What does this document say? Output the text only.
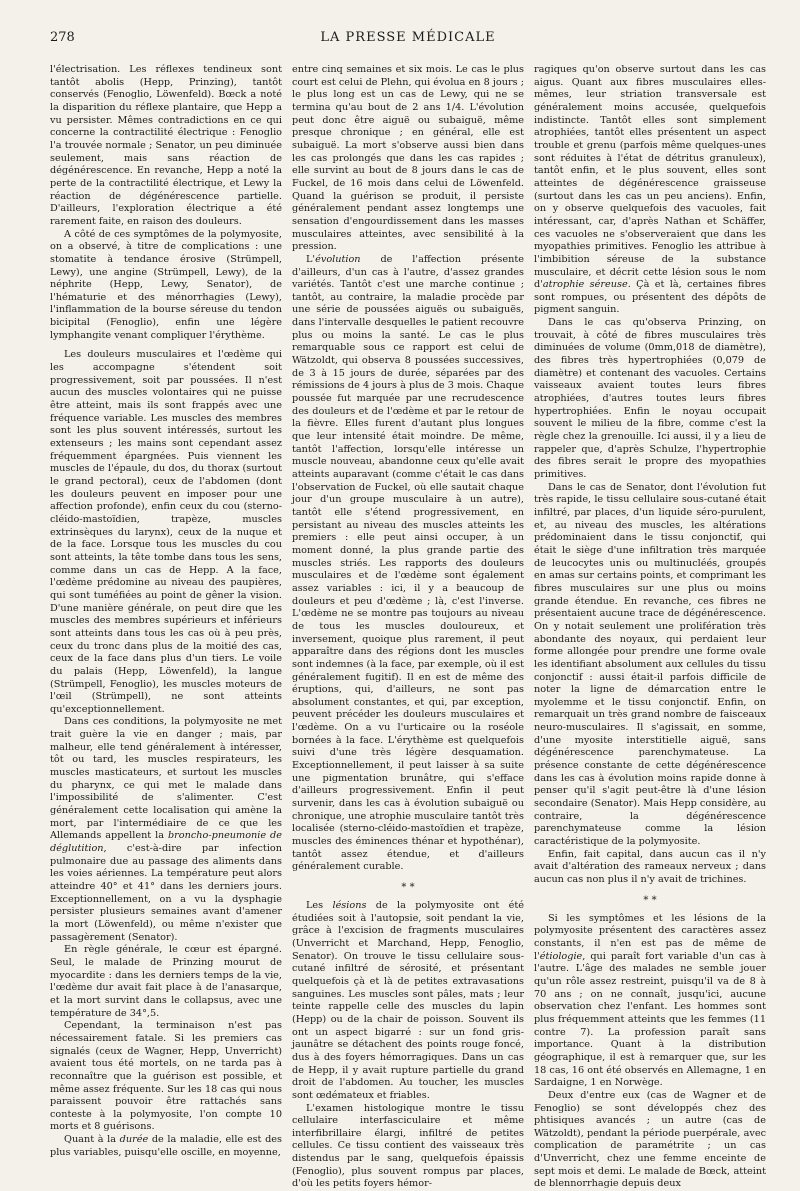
278	LA PRESSE MÉDICALE

l'électrisation. Les réflexes tendineux sont tantôt abolis (Hepp, Prinzing), tantôt conservés (Fenoglio, Löwenfeld). Bœck a noté la disparition du réflexe plantaire, que Hepp a vu persister. Mêmes contradictions en ce qui concerne la contractilité électrique : Fenoglio l'a trouvée normale ; Senator, un peu diminuée seulement, mais sans réaction de dégénérescence. En revanche, Hepp a noté la perte de la contractilité électrique, et Lewy la réaction de dégénérescence partielle. D'ailleurs, l'exploration électrique a été rarement faite, en raison des douleurs.

A côté de ces symptômes de la polymyosite, on a observé, à titre de complications : une stomatite à tendance érosive (Strümpell, Lewy), une angine (Strümpell, Lewy), de la néphrite (Hepp, Lewy, Senator), de l'hématurie et des ménorrhagies (Lewy), l'inflammation de la bourse séreuse du tendon bicipital (Fenoglio), enfin une légère lymphangite venant compliquer l'érythème.

Les douleurs musculaires et l'œdème qui les accompagne s'étendent soit progressivement, soit par poussées. Il n'est aucun des muscles volontaires qui ne puisse être atteint, mais ils sont frappés avec une fréquence variable. Les muscles des membres sont les plus souvent intéressés, surtout les extenseurs ; les mains sont cependant assez fréquemment épargnées. Puis viennent les muscles de l'épaule, du dos, du thorax (surtout le grand pectoral), ceux de l'abdomen (dont les douleurs peuvent en imposer pour une affection profonde), enfin ceux du cou (sterno-cléido-mastoïdien, trapèze, muscles extrinsèques du larynx), ceux de la nuque et de la face. Lorsque tous les muscles du cou sont atteints, la tête tombe dans tous les sens, comme dans un cas de Hepp. A la face, l'œdème prédomine au niveau des paupières, qui sont tuméfiées au point de gêner la vision. D'une manière générale, on peut dire que les muscles des membres supérieurs et inférieurs sont atteints dans tous les cas où à peu près, ceux du tronc dans plus de la moitié des cas, ceux de la face dans plus d'un tiers. Le voile du palais (Hepp, Löwenfeld), la langue (Strümpell, Fenoglio), les muscles moteurs de l'œil (Strümpell), ne sont atteints qu'exceptionnellement.

Dans ces conditions, la polymyosite ne met trait guère la vie en danger ; mais, par malheur, elle tend généralement à intéresser, tôt ou tard, les muscles respirateurs, les muscles masticateurs, et surtout les muscles du pharynx, ce qui met le malade dans l'impossibilité de s'alimenter. C'est généralement cette localisation qui amène la mort, par l'intermédiaire de ce que les Allemands appellent la broncho-pneumonie de déglutition, c'est-à-dire par infection pulmonaire due au passage des aliments dans les voies aériennes. La température peut alors atteindre 40° et 41° dans les derniers jours. Exceptionnellement, on a vu la dysphagie persister plusieurs semaines avant d'amener la mort (Löwenfeld), ou même n'exister que passagèrement (Senator).

En règle générale, le cœur est épargné. Seul, le malade de Prinzing mourut de myocardite : dans les derniers temps de la vie, l'œdème dur avait fait place à de l'anasarque, et la mort survint dans le collapsus, avec une température de 34°,5.

Cependant, la terminaison n'est pas nécessairement fatale. Si les premiers cas signalés (ceux de Wagner, Hepp, Unverricht) avaient tous été mortels, on ne tarda pas à reconnaître que la guérison est possible, et même assez fréquente. Sur les 18 cas qui nous paraissent pouvoir être rattachés sans conteste à la polymyosite, l'on compte 10 morts et 8 guérisons.

Quant à la durée de la maladie, elle est des plus variables, puisqu'elle oscille, en moyenne,

entre cinq semaines et six mois. Le cas le plus court est celui de Plehn, qui évolua en 8 jours ; le plus long est un cas de Lewy, qui ne se termina qu'au bout de 2 ans 1/4. L'évolution peut donc être aiguë ou subaiguë, même presque chronique ; en général, elle est subaiguë. La mort s'observe aussi bien dans les cas prolongés que dans les cas rapides ; elle survint au bout de 8 jours dans le cas de Fuckel, de 16 mois dans celui de Löwenfeld. Quand la guérison se produit, il persiste généralement pendant assez longtemps une sensation d'engourdissement dans les masses musculaires atteintes, avec sensibilité à la pression.

L'évolution de l'affection présente d'ailleurs, d'un cas à l'autre, d'assez grandes variétés. Tantôt c'est une marche continue ; tantôt, au contraire, la maladie procède par une série de poussées aiguës ou subaiguës, dans l'intervalle desquelles le patient recouvre plus ou moins la santé. Le cas le plus remarquable sous ce rapport est celui de Wätzoldt, qui observa 8 poussées successives, de 3 à 15 jours de durée, séparées par des rémissions de 4 jours à plus de 3 mois. Chaque poussée fut marquée par une recrudescence des douleurs et de l'œdème et par le retour de la fièvre. Elles furent d'autant plus longues que leur intensité était moindre. De même, tantôt l'affection, lorsqu'elle intéresse un muscle nouveau, abandonne ceux qu'elle avait atteints auparavant (comme c'était le cas dans l'observation de Fuckel, où elle sautait chaque jour d'un groupe musculaire à un autre), tantôt elle s'étend progressivement, en persistant au niveau des muscles atteints les premiers : elle peut ainsi occuper, à un moment donné, la plus grande partie des muscles striés. Les rapports des douleurs musculaires et de l'œdème sont également assez variables : ici, il y a beaucoup de douleurs et peu d'œdème ; là, c'est l'inverse. L'œdème ne se montre pas toujours au niveau de tous les muscles douloureux, et inversement, quoique plus rarement, il peut apparaître dans des régions dont les muscles sont indemnes (à la face, par exemple, où il est généralement fugitif). Il en est de même des éruptions, qui, d'ailleurs, ne sont pas absolument constantes, et qui, par exception, peuvent précéder les douleurs musculaires et l'œdème. On a vu l'urticaire ou la roséole bornées à la face. L'érythème est quelquefois suivi d'une très légère desquamation. Exceptionnellement, il peut laisser à sa suite une pigmentation brunâtre, qui s'efface d'ailleurs progressivement. Enfin il peut survenir, dans les cas à évolution subaiguë ou chronique, une atrophie musculaire tantôt très localisée (sterno-cléido-mastoïdien et trapèze, muscles des éminences thénar et hypothénar), tantôt assez étendue, et d'ailleurs généralement curable.

* *

Les lésions de la polymyosite ont été étudiées soit à l'autopsie, soit pendant la vie, grâce à l'excision de fragments musculaires (Unverricht et Marchand, Hepp, Fenoglio, Senator). On trouve le tissu cellulaire sous-cutané infiltré de sérosité, et présentant quelquefois çà et là de petites extravasations sanguines. Les muscles sont pâles, mats ; leur teinte rappelle celle des muscles du lapin (Hepp) ou de la chair de poisson. Souvent ils ont un aspect bigarré : sur un fond gris-jaunâtre se détachent des points rouge foncé, dus à des foyers hémorragiques. Dans un cas de Hepp, il y avait rupture partielle du grand droit de l'abdomen. Au toucher, les muscles sont œdémateux et friables.

L'examen histologique montre le tissu cellulaire interfasciculaire et même interfibrillaire élargi, infiltré de petites cellules. Ce tissu contient des vaisseaux très distendus par le sang, quelquefois épaissis (Fenoglio), plus souvent rompus par places, d'où les petits foyers hémor-

ragiques qu'on observe surtout dans les cas aigus. Quant aux fibres musculaires elles-mêmes, leur striation transversale est généralement moins accusée, quelquefois indistincte. Tantôt elles sont simplement atrophiées, tantôt elles présentent un aspect trouble et grenu (parfois même quelques-unes sont réduites à l'état de détritus granuleux), tantôt enfin, et le plus souvent, elles sont atteintes de dégénérescence graisseuse (surtout dans les cas un peu anciens). Enfin, on y observe quelquefois des vacuoles, fait intéressant, car, d'après Nathan et Schäffer, ces vacuoles ne s'observeraient que dans les myopathies primitives. Fenoglio les attribue à l'imbibition séreuse de la substance musculaire, et décrit cette lésion sous le nom d'atrophie séreuse. Çà et là, certaines fibres sont rompues, ou présentent des dépôts de pigment sanguin.

Dans le cas qu'observa Prinzing, on trouvait, à côté de fibres musculaires très diminuées de volume (0mm,018 de diamètre), des fibres très hypertrophiées (0,079 de diamètre) et contenant des vacuoles. Certains vaisseaux avaient toutes leurs fibres atrophiées, d'autres toutes leurs fibres hypertrophiées. Enfin le noyau occupait souvent le milieu de la fibre, comme c'est la règle chez la grenouille. Ici aussi, il y a lieu de rappeler que, d'après Schulze, l'hypertrophie des fibres serait le propre des myopathies primitives.

Dans le cas de Senator, dont l'évolution fut très rapide, le tissu cellulaire sous-cutané était infiltré, par places, d'un liquide séro-purulent, et, au niveau des muscles, les altérations prédominaient dans le tissu conjonctif, qui était le siège d'une infiltration très marquée de leucocytes unis ou multinucléés, groupés en amas sur certains points, et comprimant les fibres musculaires sur une plus ou moins grande étendue. En revanche, ces fibres ne présentaient aucune trace de dégénérescence. On y notait seulement une prolifération très abondante des noyaux, qui perdaient leur forme allongée pour prendre une forme ovale les identifiant absolument aux cellules du tissu conjonctif : aussi était-il parfois difficile de noter la ligne de démarcation entre le myolemme et le tissu conjonctif. Enfin, on remarquait un très grand nombre de faisceaux neuro-musculaires. Il s'agissait, en somme, d'une myosite interstitielle aiguë, sans dégénérescence parenchymateuse. La présence constante de cette dégénérescence dans les cas à évolution moins rapide donne à penser qu'il s'agit peut-être là d'une lésion secondaire (Senator). Mais Hepp considère, au contraire, la dégénérescence parenchymateuse comme la lésion caractéristique de la polymyosite.

Enfin, fait capital, dans aucun cas il n'y avait d'altération des rameaux nerveux ; dans aucun cas non plus il n'y avait de trichines.

* *

Si les symptômes et les lésions de la polymyosite présentent des caractères assez constants, il n'en est pas de même de l'étiologie, qui paraît fort variable d'un cas à l'autre. L'âge des malades ne semble jouer qu'un rôle assez restreint, puisqu'il va de 8 à 70 ans ; on ne connaît, jusqu'ici, aucune observation chez l'enfant. Les hommes sont plus fréquemment atteints que les femmes (11 contre 7). La profession paraît sans importance. Quant à la distribution géographique, il est à remarquer que, sur les 18 cas, 16 ont été observés en Allemagne, 1 en Sardaigne, 1 en Norwège.

Deux d'entre eux (cas de Wagner et de Fenoglio) se sont développés chez des phtisiques avancés ; un autre (cas de Wätzoldt), pendant la période puerpérale, avec complication de paramétrite ; un cas d'Unverricht, chez une femme enceinte de sept mois et demi. Le malade de Bœck, atteint de blennorrhagie depuis deux
